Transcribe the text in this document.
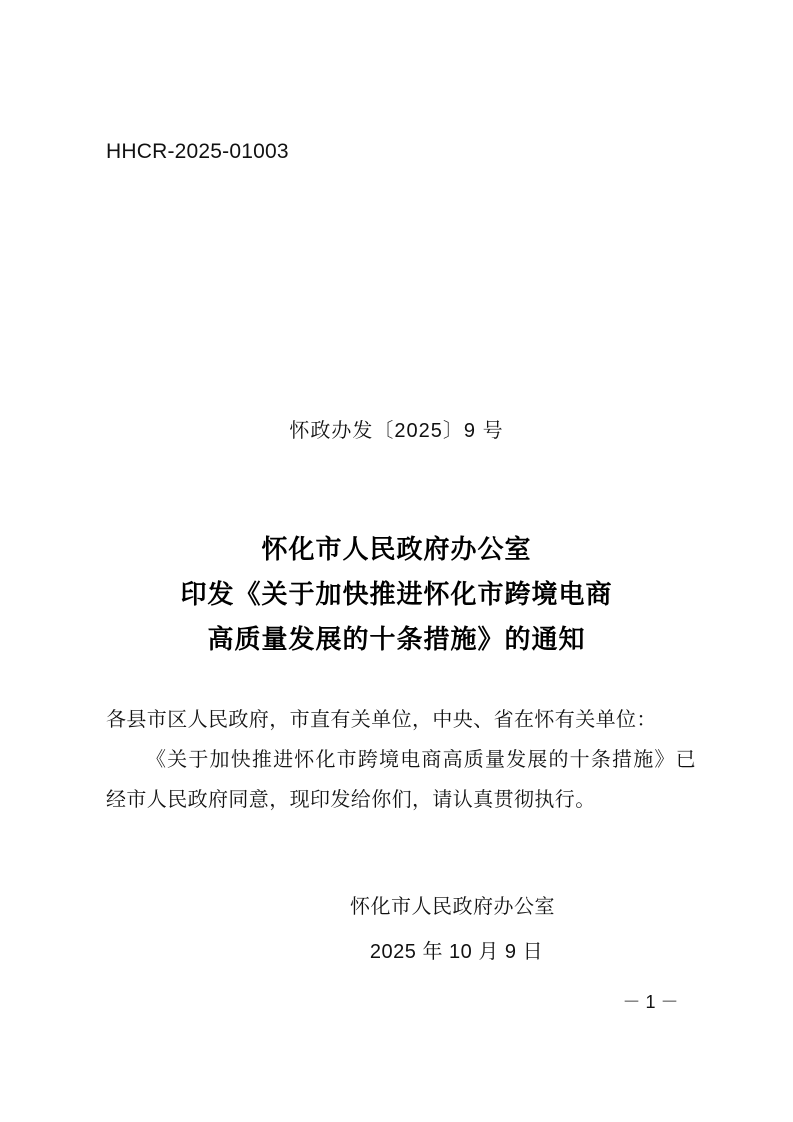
HHCR-2025-01003
怀政办发〔2025〕9 号
怀化市人民政府办公室
印发《关于加快推进怀化市跨境电商
高质量发展的十条措施》的通知

各县市区人民政府，市直有关单位，中央、省在怀有关单位：

《关于加快推进怀化市跨境电商高质量发展的十条措施》已经市人民政府同意，现印发给你们，请认真贯彻执行。

怀化市人民政府办公室
2025 年 10 月 9 日
－ 1 －
